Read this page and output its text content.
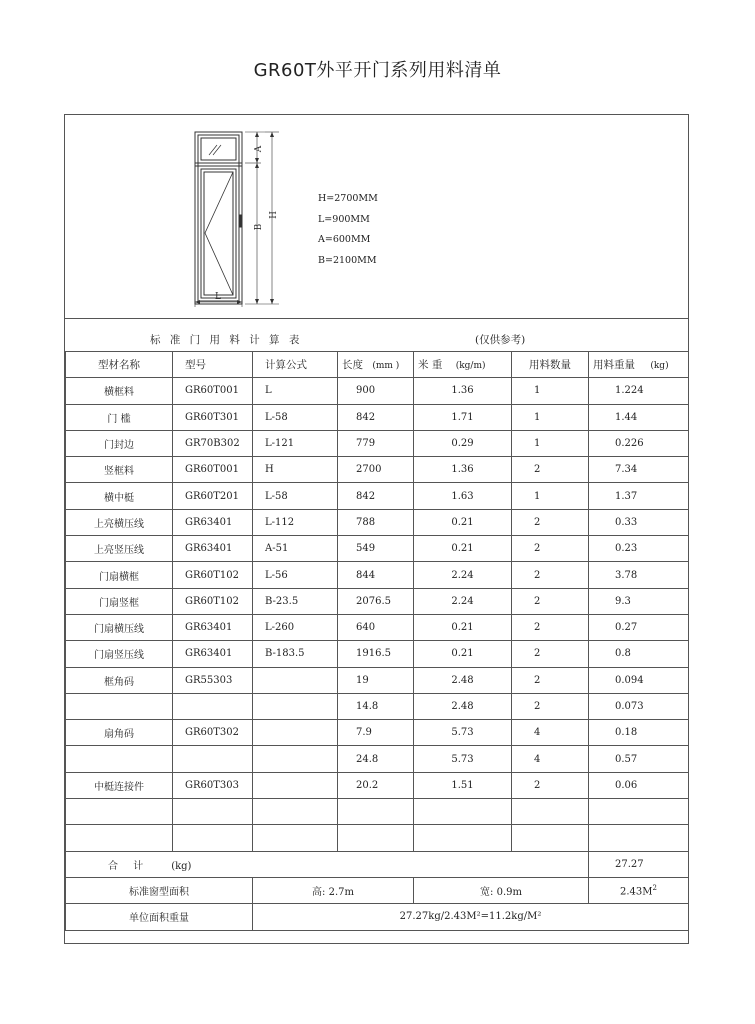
GR60T外平开门系列用料清单
A
B
H
L
H=2700MM
L=900MM
A=600MM
B=2100MM
标 准 门 用 料 计 算 表	(仅供参考)
型材名称	型号	计算公式	长度 (mm )	米 重 (kg/m)	用料数量	用料重量 (kg)
横框料	GR60T001	L	900	1.36	1	1.224
门 槛	GR60T301	L-58	842	1.71	1	1.44
门封边	GR70B302	L-121	779	0.29	1	0.226
竖框料	GR60T001	H	2700	1.36	2	7.34
横中梃	GR60T201	L-58	842	1.63	1	1.37
上亮横压线	GR63401	L-112	788	0.21	2	0.33
上亮竖压线	GR63401	A-51	549	0.21	2	0.23
门扇横框	GR60T102	L-56	844	2.24	2	3.78
门扇竖框	GR60T102	B-23.5	2076.5	2.24	2	9.3
门扇横压线	GR63401	L-260	640	0.21	2	0.27
门扇竖压线	GR63401	B-183.5	1916.5	0.21	2	0.8
框角码	GR55303		19	2.48	2	0.094
			14.8	2.48	2	0.073
扇角码	GR60T302		7.9	5.73	4	0.18
			24.8	5.73	4	0.57
中梃连接件	GR60T303		20.2	1.51	2	0.06

合 计 (kg)						27.27
标准窗型面积		高: 2.7m		宽: 0.9m		$2.43M^2$
单位面积重量		27.27kg/2.43M²=11.2kg/M²				
